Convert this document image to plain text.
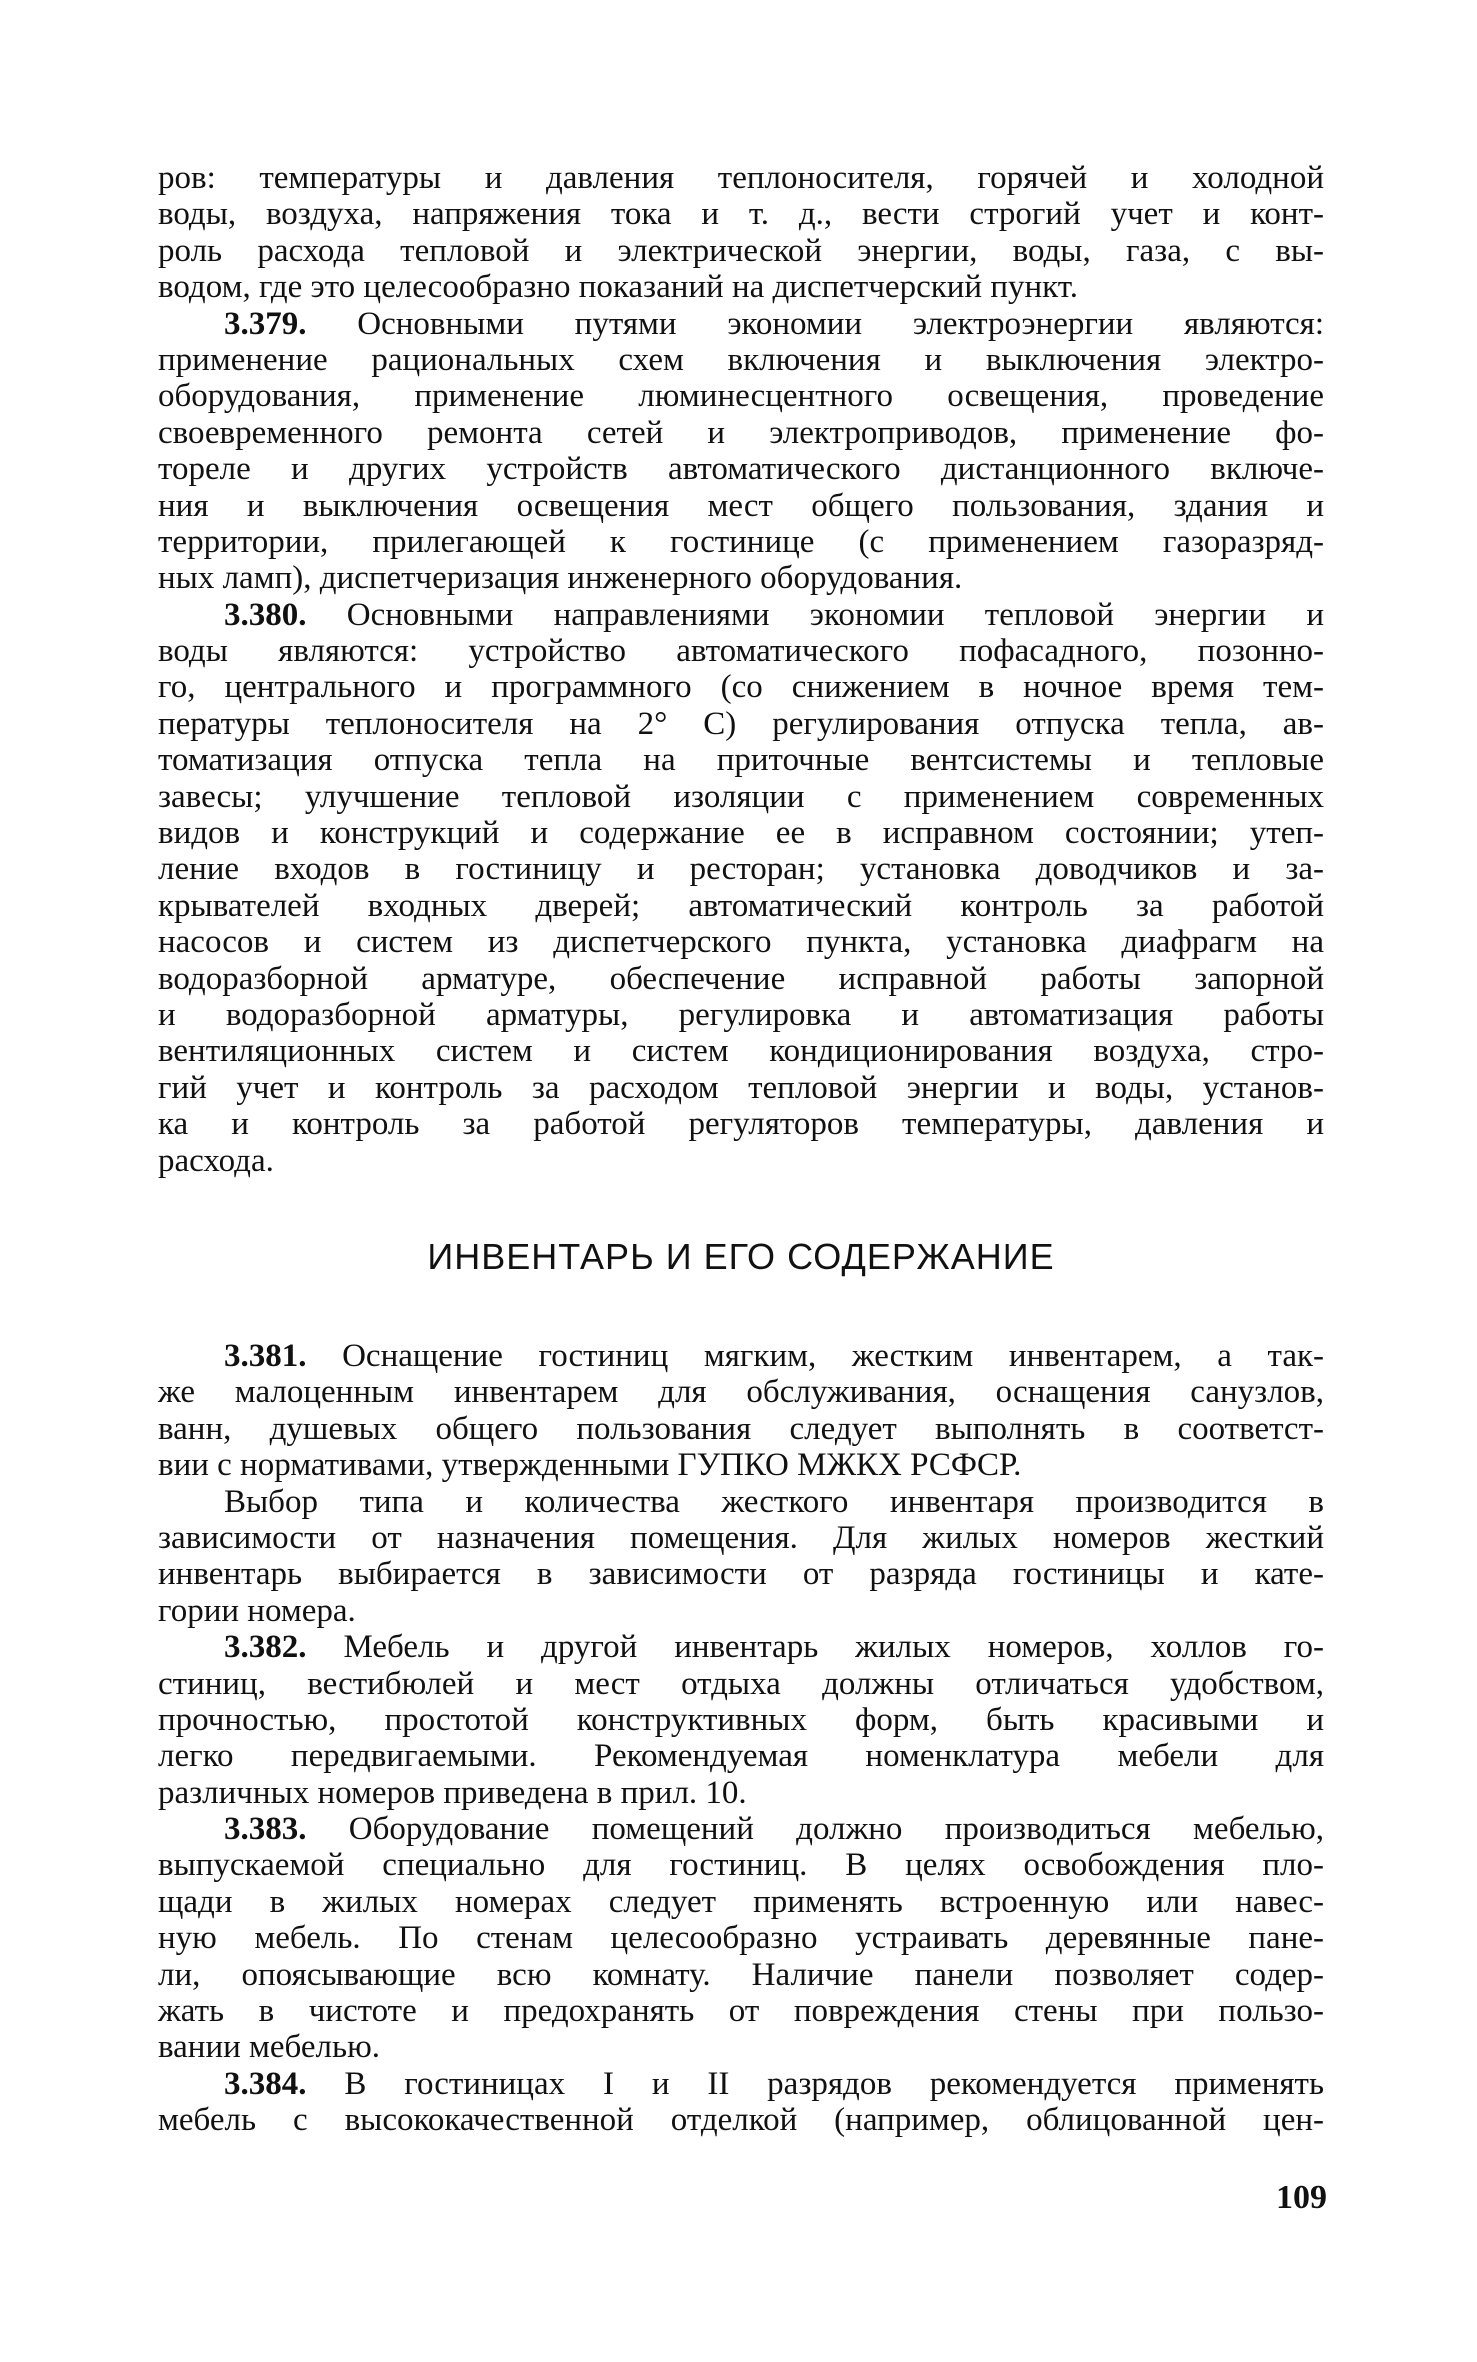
ров: температуры и давления теплоносителя, горячей и холодной
воды, воздуха, напряжения тока и т. д., вести строгий учет и конт-
роль расхода тепловой и электрической энергии, воды, газа, с вы-
водом, где это целесообразно показаний на диспетчерский пункт.
3.379. Основными путями экономии электроэнергии являются:
применение рациональных схем включения и выключения электро-
оборудования, применение люминесцентного освещения, проведение
своевременного ремонта сетей и электроприводов, применение фо-
тореле и других устройств автоматического дистанционного включе-
ния и выключения освещения мест общего пользования, здания и
территории, прилегающей к гостинице (с применением газоразряд-
ных ламп), диспетчеризация инженерного оборудования.
3.380. Основными направлениями экономии тепловой энергии и
воды являются: устройство автоматического пофасадного, позонно-
го, центрального и программного (со снижением в ночное время тем-
пературы теплоносителя на 2° С) регулирования отпуска тепла, ав-
томатизация отпуска тепла на приточные вентсистемы и тепловые
завесы; улучшение тепловой изоляции с применением современных
видов и конструкций и содержание ее в исправном состоянии; утеп-
ление входов в гостиницу и ресторан; установка доводчиков и за-
крывателей входных дверей; автоматический контроль за работой
насосов и систем из диспетчерского пункта, установка диафрагм на
водоразборной арматуре, обеспечение исправной работы запорной
и водоразборной арматуры, регулировка и автоматизация работы
вентиляционных систем и систем кондиционирования воздуха, стро-
гий учет и контроль за расходом тепловой энергии и воды, установ-
ка и контроль за работой регуляторов температуры, давления и
расхода.
ИНВЕНТАРЬ И ЕГО СОДЕРЖАНИЕ
3.381. Оснащение гостиниц мягким, жестким инвентарем, а так-
же малоценным инвентарем для обслуживания, оснащения санузлов,
ванн, душевых общего пользования следует выполнять в соответст-
вии с нормативами, утвержденными ГУПКО МЖКХ РСФСР.
Выбор типа и количества жесткого инвентаря производится в
зависимости от назначения помещения. Для жилых номеров жесткий
инвентарь выбирается в зависимости от разряда гостиницы и кате-
гории номера.
3.382. Мебель и другой инвентарь жилых номеров, холлов го-
стиниц, вестибюлей и мест отдыха должны отличаться удобством,
прочностью, простотой конструктивных форм, быть красивыми и
легко передвигаемыми. Рекомендуемая номенклатура мебели для
различных номеров приведена в прил. 10.
3.383. Оборудование помещений должно производиться мебелью,
выпускаемой специально для гостиниц. В целях освобождения пло-
щади в жилых номерах следует применять встроенную или навес-
ную мебель. По стенам целесообразно устраивать деревянные пане-
ли, опоясывающие всю комнату. Наличие панели позволяет содер-
жать в чистоте и предохранять от повреждения стены при пользо-
вании мебелью.
3.384. В гостиницах I и II разрядов рекомендуется применять
мебель с высококачественной отделкой (например, облицованной цен-
109
